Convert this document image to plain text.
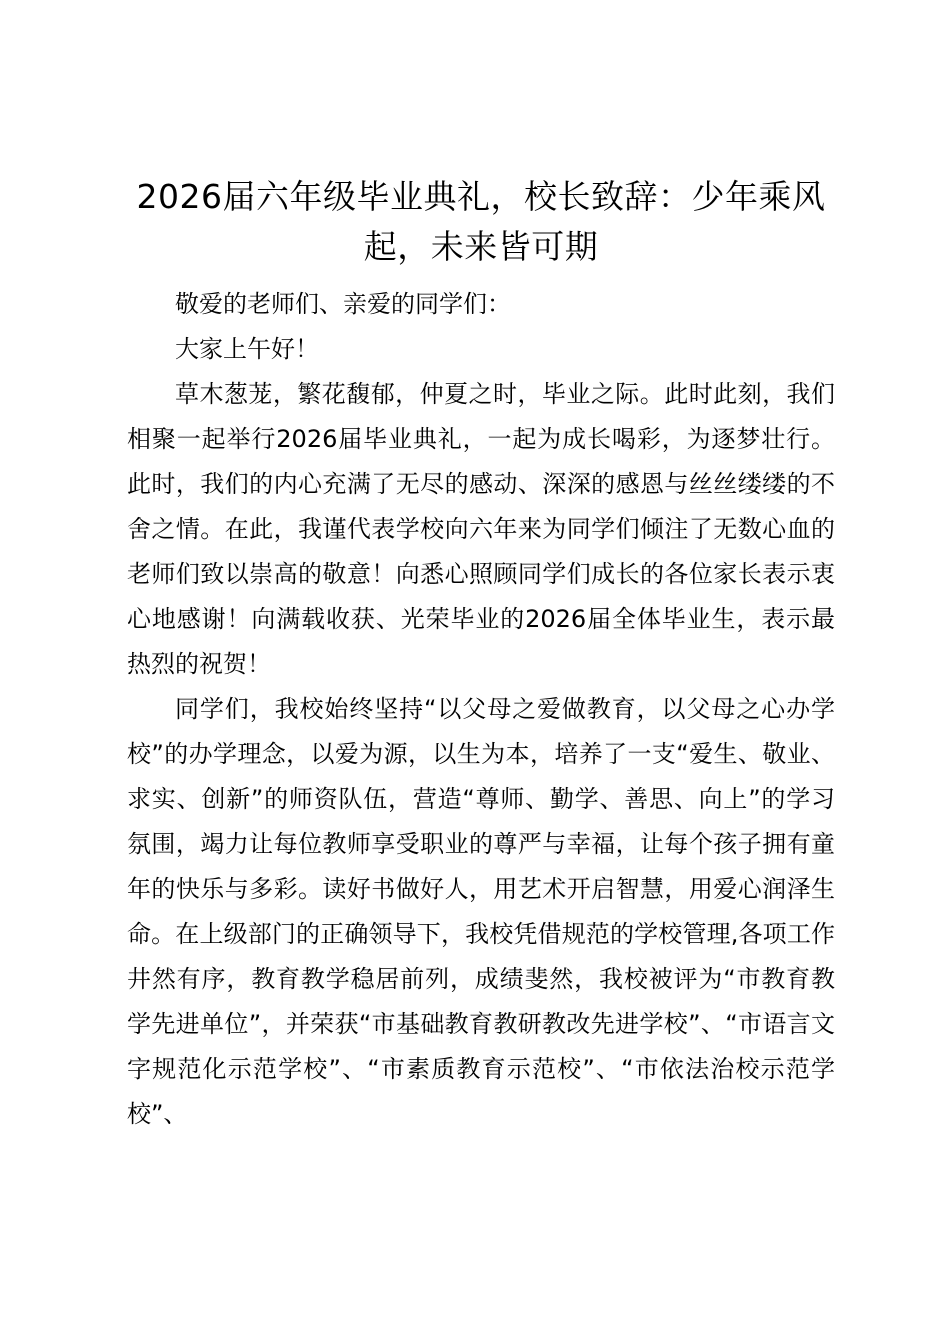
2026届六年级毕业典礼，校长致辞：少年乘风起，未来皆可期

敬爱的老师们、亲爱的同学们：

大家上午好！

草木葱茏，繁花馥郁，仲夏之时，毕业之际。此时此刻，我们相聚一起举行2026届毕业典礼，一起为成长喝彩，为逐梦壮行。此时，我们的内心充满了无尽的感动、深深的感恩与丝丝缕缕的不舍之情。在此，我谨代表学校向六年来为同学们倾注了无数心血的老师们致以崇高的敬意！向悉心照顾同学们成长的各位家长表示衷心地感谢！向满载收获、光荣毕业的2026届全体毕业生，表示最热烈的祝贺！

同学们，我校始终坚持“以父母之爱做教育，以父母之心办学校”的办学理念，以爱为源，以生为本，培养了一支“爱生、敬业、求实、创新”的师资队伍，营造“尊师、勤学、善思、向上”的学习氛围，竭力让每位教师享受职业的尊严与幸福，让每个孩子拥有童年的快乐与多彩。读好书做好人，用艺术开启智慧，用爱心润泽生命。在上级部门的正确领导下，我校凭借规范的学校管理,各项工作井然有序，教育教学稳居前列，成绩斐然，我校被评为“市教育教学先进单位”，并荣获“市基础教育教研教改先进学校”、“市语言文字规范化示范学校”、“市素质教育示范校”、“市依法治校示范学校”、
